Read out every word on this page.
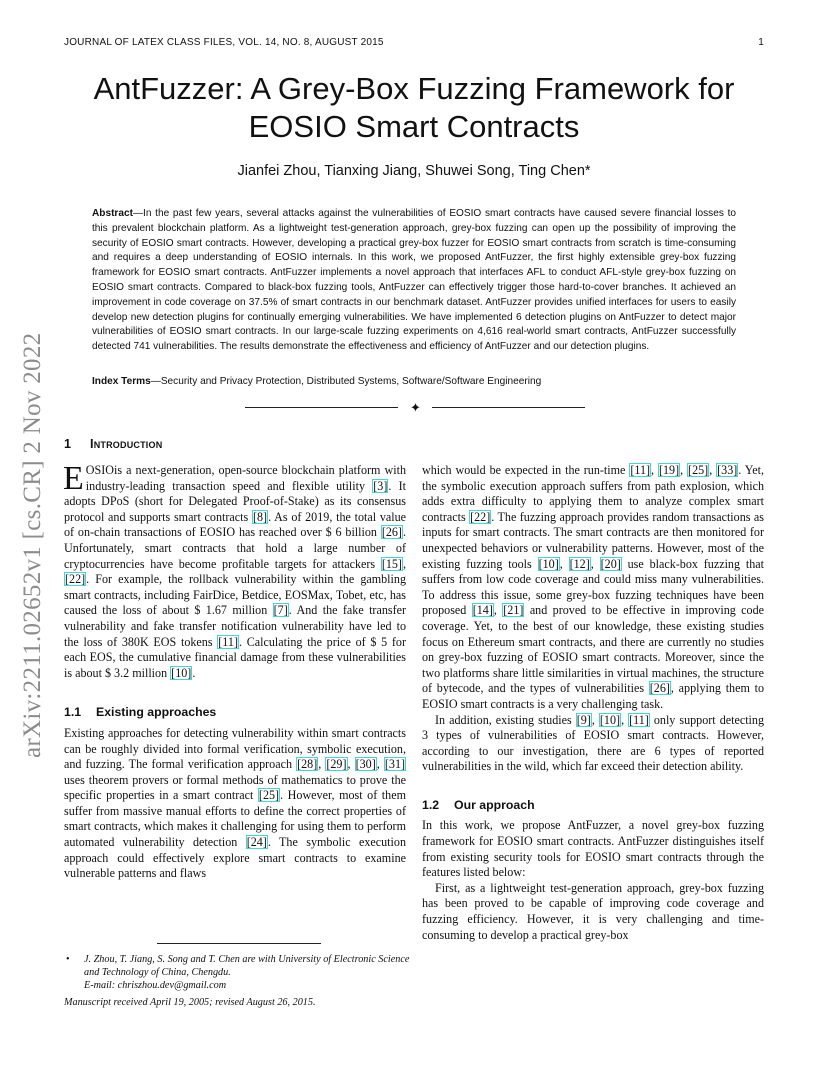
JOURNAL OF LATEX CLASS FILES, VOL. 14, NO. 8, AUGUST 2015	1
AntFuzzer: A Grey-Box Fuzzing Framework for
EOSIO Smart Contracts
Jianfei Zhou, Tianxing Jiang, Shuwei Song, Ting Chen*
Abstract—In the past few years, several attacks against the vulnerabilities of EOSIO smart contracts have caused severe financial losses to this prevalent blockchain platform. As a lightweight test-generation approach, grey-box fuzzing can open up the possibility of improving the security of EOSIO smart contracts. However, developing a practical grey-box fuzzer for EOSIO smart contracts from scratch is time-consuming and requires a deep understanding of EOSIO internals. In this work, we proposed AntFuzzer, the first highly extensible grey-box fuzzing framework for EOSIO smart contracts. AntFuzzer implements a novel approach that interfaces AFL to conduct AFL-style grey-box fuzzing on EOSIO smart contracts. Compared to black-box fuzzing tools, AntFuzzer can effectively trigger those hard-to-cover branches. It achieved an improvement in code coverage on 37.5% of smart contracts in our benchmark dataset. AntFuzzer provides unified interfaces for users to easily develop new detection plugins for continually emerging vulnerabilities. We have implemented 6 detection plugins on AntFuzzer to detect major vulnerabilities of EOSIO smart contracts. In our large-scale fuzzing experiments on 4,616 real-world smart contracts, AntFuzzer successfully detected 741 vulnerabilities. The results demonstrate the effectiveness and efficiency of AntFuzzer and our detection plugins.
Index Terms—Security and Privacy Protection, Distributed Systems, Software/Software Engineering
✦
arXiv:2211.02652v1 [cs.CR] 2 Nov 2022 1 Introduction

E OSIOis a next-generation, open-source blockchain platform with industry-leading transaction speed and flexible utility [3]. It adopts DPoS (short for Delegated Proof-of-Stake) as its consensus protocol and supports smart contracts [8]. As of 2019, the total value of on-chain transactions of EOSIO has reached over $ 6 billion [26]. Unfortunately, smart contracts that hold a large number of cryptocurrencies have become profitable targets for attackers [15], [22]. For example, the rollback vulnerability within the gambling smart contracts, including FairDice, Betdice, EOSMax, Tobet, etc, has caused the loss of about $ 1.67 million [7]. And the fake transfer vulnerability and fake transfer notification vulnerability have led to the loss of 380K EOS tokens [11]. Calculating the price of $ 5 for each EOS, the cumulative financial damage from these vulnerabilities is about $ 3.2 million [10].

1.1 Existing approaches

Existing approaches for detecting vulnerability within smart contracts can be roughly divided into formal verification, symbolic execution, and fuzzing. The formal verification approach [28], [29], [30], [31] uses theorem provers or formal methods of mathematics to prove the specific properties in a smart contract [25]. However, most of them suffer from massive manual efforts to define the correct properties of smart contracts, which makes it challenging for using them to perform automated vulnerability detection [24]. The symbolic execution approach could effectively explore smart contracts to examine vulnerable patterns and flaws

which would be expected in the run-time [11], [19], [25], [33]. Yet, the symbolic execution approach suffers from path explosion, which adds extra difficulty to applying them to analyze complex smart contracts [22]. The fuzzing approach provides random transactions as inputs for smart contracts. The smart contracts are then monitored for unexpected behaviors or vulnerability patterns. However, most of the existing fuzzing tools [10], [12], [20] use black-box fuzzing that suffers from low code coverage and could miss many vulnerabilities. To address this issue, some grey-box fuzzing techniques have been proposed [14], [21] and proved to be effective in improving code coverage. Yet, to the best of our knowledge, these existing studies focus on Ethereum smart contracts, and there are currently no studies on grey-box fuzzing of EOSIO smart contracts. Moreover, since the two platforms share little similarities in virtual machines, the structure of bytecode, and the types of vulnerabilities [26], applying them to EOSIO smart contracts is a very challenging task.

In addition, existing studies [9], [10], [11] only support detecting 3 types of vulnerabilities of EOSIO smart contracts. However, according to our investigation, there are 6 types of reported vulnerabilities in the wild, which far exceed their detection ability.

1.2 Our approach

In this work, we propose AntFuzzer, a novel grey-box fuzzing framework for EOSIO smart contracts. AntFuzzer distinguishes itself from existing security tools for EOSIO smart contracts through the features listed below:

First, as a lightweight test-generation approach, grey-box fuzzing has been proved to be capable of improving code coverage and fuzzing efficiency. However, it is very challenging and time-consuming to develop a practical grey-box

• J. Zhou, T. Jiang, S. Song and T. Chen are with University of Electronic Science and Technology of China, Chengdu.
E-mail: chriszhou.dev@gmail.com
Manuscript received April 19, 2005; revised August 26, 2015.
